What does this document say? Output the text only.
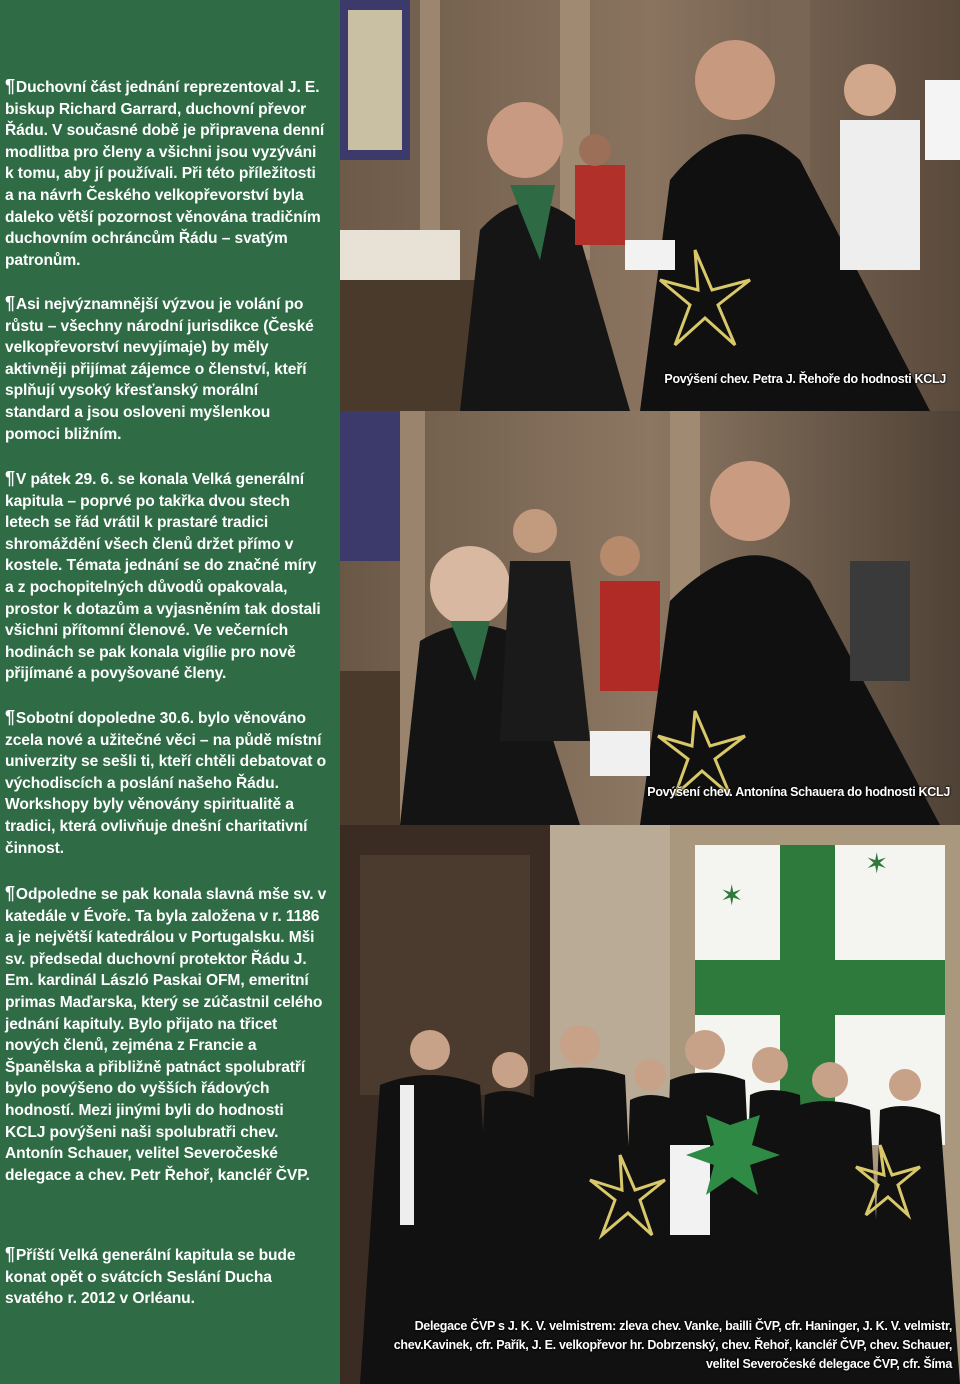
¶Duchovní část jednání reprezentoval J. E. biskup Richard Garrard, duchovní převor Řádu. V současné době je připravena denní modlitba pro členy a všichni jsou vyzýváni k tomu, aby jí používali. Při této příležitosti a na návrh Českého velkopřevorství byla daleko větší pozornost věnována tradičním duchovním ochráncům Řádu – svatým patronům.
¶Asi nejvýznamnější výzvou je volání po růstu – všechny národní jurisdikce (České velkopřevorství nevyjímaje) by měly aktivněji přijímat zájemce o členství, kteří splňují vysoký křesťanský morální standard a jsou osloveni myšlenkou pomoci bližním.
¶V pátek 29. 6. se konala Velká generální kapitula – poprvé po takřka dvou stech letech se řád vrátil k prastaré tradici shromáždění všech členů držet přímo v kostele. Témata jednání se do značné míry a z pochopitelných důvodů opakovala, prostor k dotazům a vyjasněním tak dostali všichni přítomní členové. Ve večerních hodinách se pak konala vigílie pro nově přijímané a povyšované členy.
¶Sobotní dopoledne 30.6. bylo věnováno zcela nové a užitečné věci – na půdě místní univerzity se sešli ti, kteří chtěli debatovat o východiscích a poslání našeho Řádu. Workshopy byly věnovány spiritualitě a tradici, která ovlivňuje dnešní charitativní činnost.
¶Odpoledne se pak konala slavná mše sv. v katedále v Évoře. Ta byla založena v r. 1186 a je největší katedrálou v Portugalsku. Mši sv. předsedal duchovní protektor Řádu J. Em. kardinál László Paskai OFM, emeritní primas Maďarska, který se zúčastnil celého jednání kapituly. Bylo přijato na třicet nových členů, zejména z Francie a Španělska a přibližně patnáct spolubratří bylo povýšeno do vyšších řádových hodností. Mezi jinými byli do hodnosti KCLJ povýšeni naši spolubratři chev. Antonín Schauer, velitel Severočeské delegace a chev. Petr Řehoř, kancléř ČVP.
¶Příští Velká generální kapitula se bude konat opět o svátcích Seslání Ducha svatého r. 2012 v Orléanu.
Povýšení chev. Petra J. Řehoře do hodnosti KCLJ
Povýšení chev. Antonína Schauera do hodnosti KCLJ
✶
✶
Delegace ČVP s J. K. V. velmistrem: zleva chev. Vanke, bailli ČVP, cfr. Haninger, J. K. V. velmistr, chev.Kavinek, cfr. Pařík, J. E. velkopřevor hr. Dobrzenský, chev. Řehoř, kancléř ČVP, chev. Schauer, velitel Severočeské delegace ČVP, cfr. Šíma
